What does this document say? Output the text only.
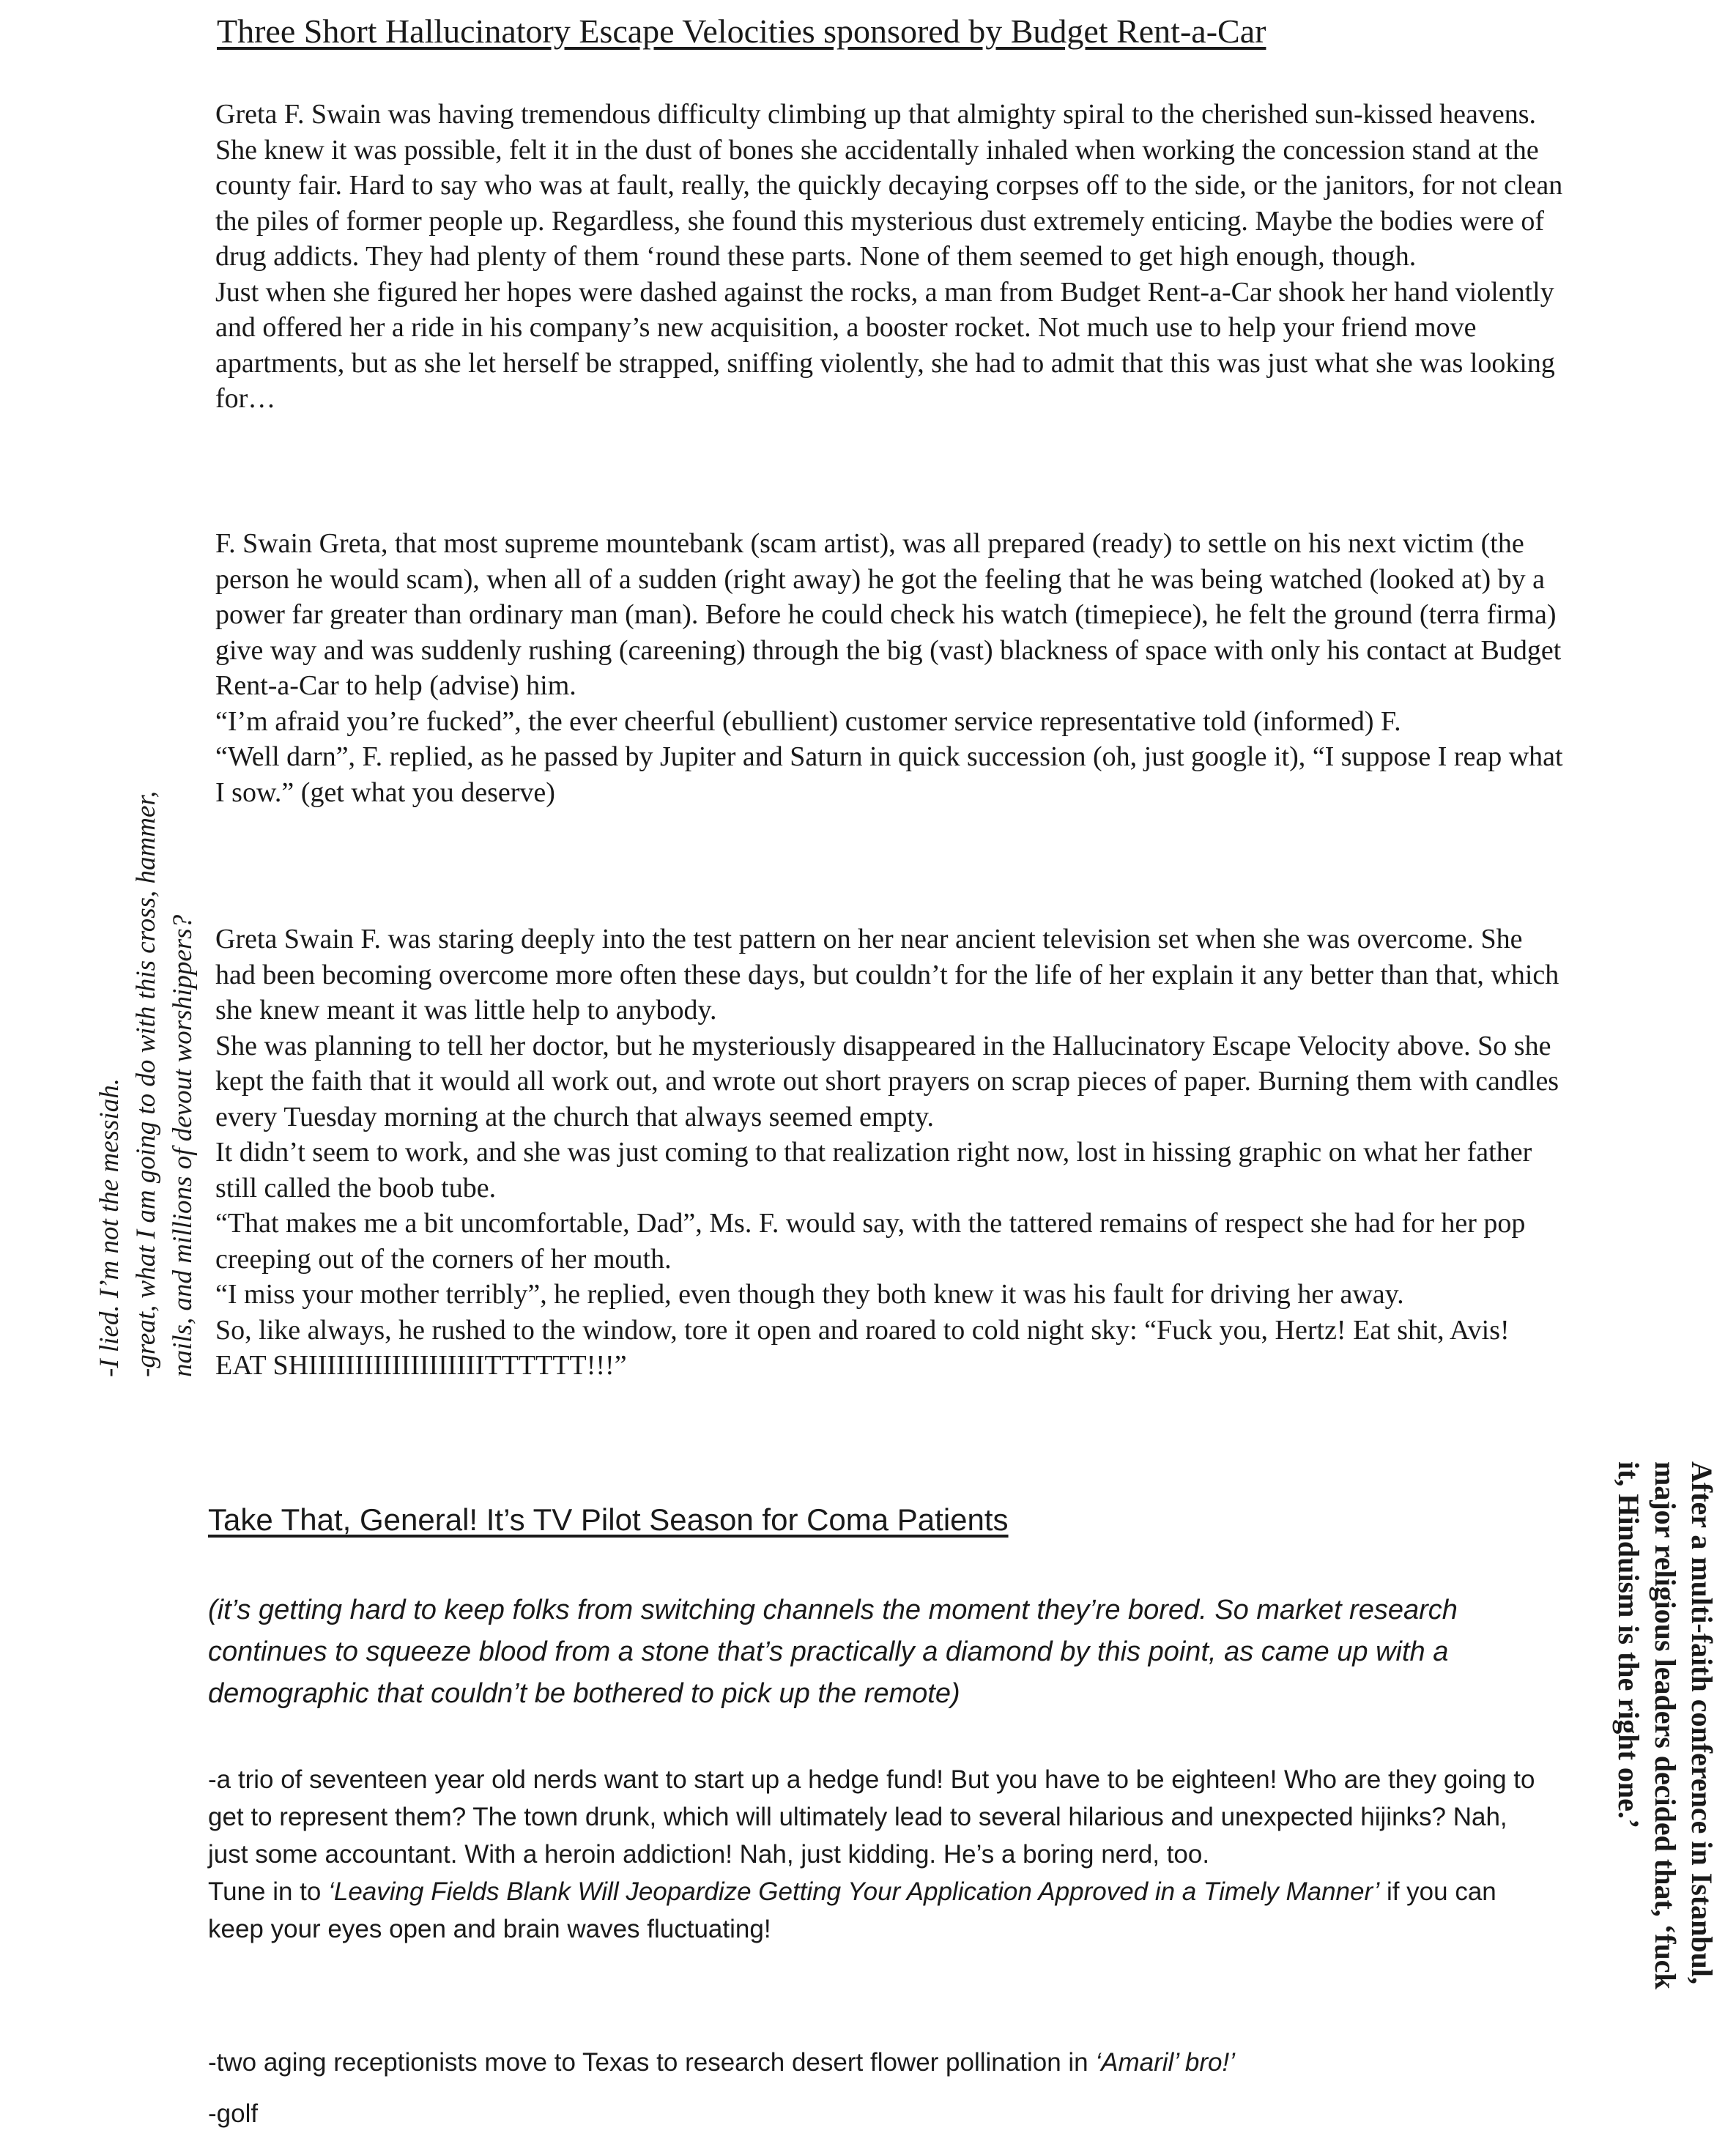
Three Short Hallucinatory Escape Velocities sponsored by Budget Rent-a-Car

Greta F. Swain was having tremendous difficulty climbing up that almighty spiral to the cherished sun-kissed heavens. She knew it was possible, felt it in the dust of bones she accidentally inhaled when working the concession stand at the county fair. Hard to say who was at fault, really, the quickly decaying corpses off to the side, or the janitors, for not clean the piles of former people up. Regardless, she found this mysterious dust extremely enticing. Maybe the bodies were of drug addicts. They had plenty of them ‘round these parts. None of them seemed to get high enough, though.

Just when she figured her hopes were dashed against the rocks, a man from Budget Rent-a-Car shook her hand violently and offered her a ride in his company’s new acquisition, a booster rocket. Not much use to help your friend move apartments, but as she let herself be strapped, sniffing violently, she had to admit that this was just what she was looking for…

F. Swain Greta, that most supreme mountebank (scam artist), was all prepared (ready) to settle on his next victim (the person he would scam), when all of a sudden (right away) he got the feeling that he was being watched (looked at) by a power far greater than ordinary man (man). Before he could check his watch (timepiece), he felt the ground (terra firma) give way and was suddenly rushing (careening) through the big (vast) blackness of space with only his contact at Budget Rent-a-Car to help (advise) him.

“I’m afraid you’re fucked”, the ever cheerful (ebullient) customer service representative told (informed) F.

“Well darn”, F. replied, as he passed by Jupiter and Saturn in quick succession (oh, just google it), “I suppose I reap what I sow.” (get what you deserve)

Greta Swain F. was staring deeply into the test pattern on her near ancient television set when she was overcome. She had been becoming overcome more often these days, but couldn’t for the life of her explain it any better than that, which she knew meant it was little help to anybody.

She was planning to tell her doctor, but he mysteriously disappeared in the Hallucinatory Escape Velocity above. So she kept the faith that it would all work out, and wrote out short prayers on scrap pieces of paper. Burning them with candles every Tuesday morning at the church that always seemed empty.

It didn’t seem to work, and she was just coming to that realization right now, lost in hissing graphic on what her father still called the boob tube.

“That makes me a bit uncomfortable, Dad”, Ms. F. would say, with the tattered remains of respect she had for her pop creeping out of the corners of her mouth.

“I miss your mother terribly”, he replied, even though they both knew it was his fault for driving her away.

So, like always, he rushed to the window, tore it open and roared to cold night sky: “Fuck you, Hertz! Eat shit, Avis! EAT SHIIIIIIIIIIIIIIIIIIITTTTTT!!!”

Take That, General! It’s TV Pilot Season for Coma Patients
(it’s getting hard to keep folks from switching channels the moment they’re bored. So market research continues to squeeze blood from a stone that’s practically a diamond by this point, as came up with a demographic that couldn’t be bothered to pick up the remote)

-a trio of seventeen year old nerds want to start up a hedge fund! But you have to be eighteen! Who are they going to get to represent them? The town drunk, which will ultimately lead to several hilarious and unexpected hijinks? Nah, just some accountant. With a heroin addiction! Nah, just kidding. He’s a boring nerd, too.

Tune in to ‘Leaving Fields Blank Will Jeopardize Getting Your Application Approved in a Timely Manner’ if you can keep your eyes open and brain waves fluctuating!

-two aging receptionists move to Texas to research desert flower pollination in ‘Amaril’ bro!’

-golf

-I lied. I’m not the messiah. -great, what I am going to do with this cross, hammer, nails, and millions of devout worshippers?
After a multi-faith conference in Istanbul, major religious leaders decided that, ‘fuck it, Hinduism is the right one.’
